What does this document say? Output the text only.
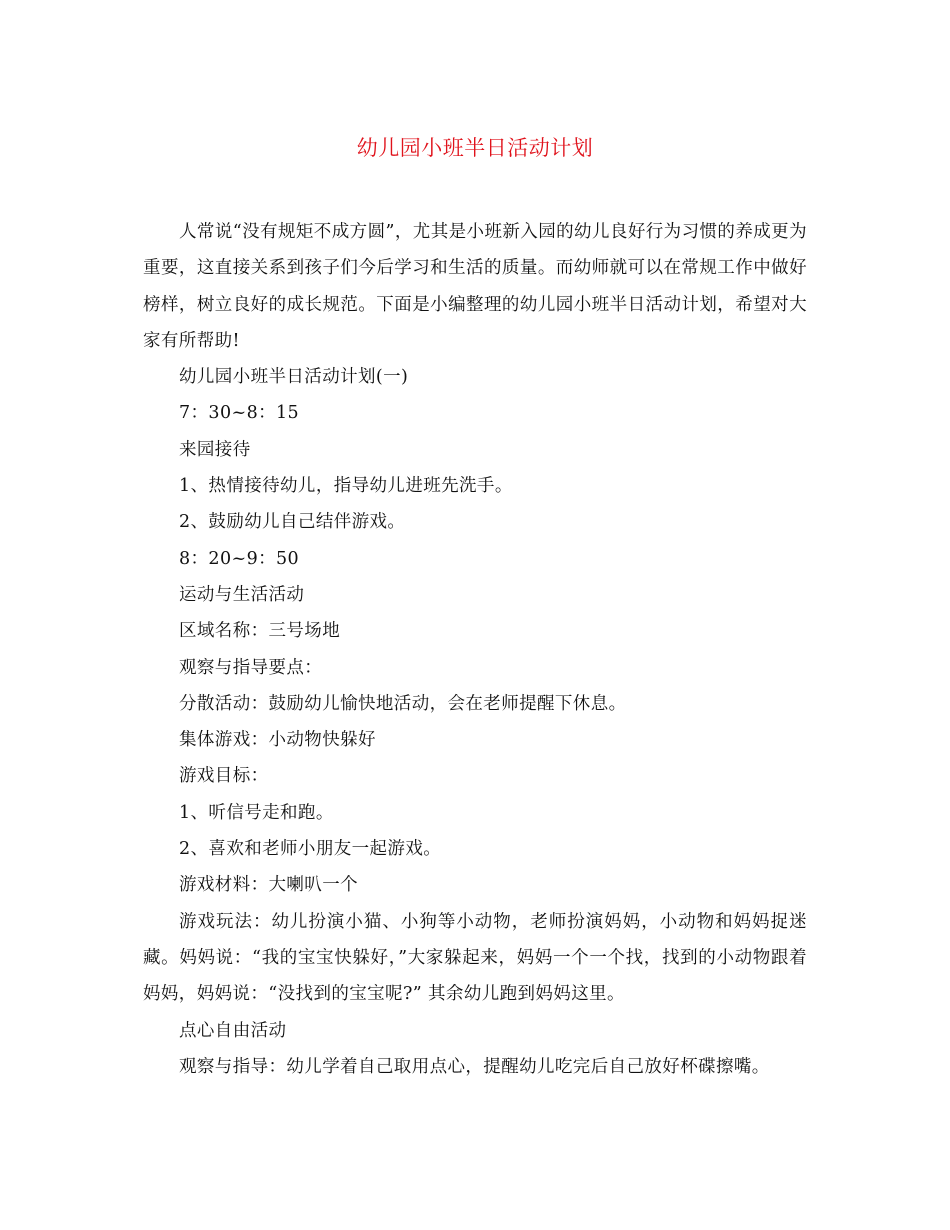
幼儿园小班半日活动计划

人常说“没有规矩不成方圆”，尤其是小班新入园的幼儿良好行为习惯的养成更为重要，这直接关系到孩子们今后学习和生活的质量。而幼师就可以在常规工作中做好榜样，树立良好的成长规范。下面是小编整理的幼儿园小班半日活动计划，希望对大家有所帮助!

幼儿园小班半日活动计划(一)

7：30~8：15

来园接待

1、热情接待幼儿，指导幼儿进班先洗手。

2、鼓励幼儿自己结伴游戏。

8：20~9：50

运动与生活活动

区域名称：三号场地

观察与指导要点：

分散活动：鼓励幼儿愉快地活动，会在老师提醒下休息。

集体游戏：小动物快躲好

游戏目标：

1、听信号走和跑。

2、喜欢和老师小朋友一起游戏。

游戏材料：大喇叭一个

游戏玩法：幼儿扮演小猫、小狗等小动物，老师扮演妈妈，小动物和妈妈捉迷藏。妈妈说：“我的宝宝快躲好，”大家躲起来，妈妈一个一个找，找到的小动物跟着妈妈，妈妈说：“没找到的宝宝呢?” 其余幼儿跑到妈妈这里。

点心自由活动

观察与指导：幼儿学着自己取用点心，提醒幼儿吃完后自己放好杯碟擦嘴。
